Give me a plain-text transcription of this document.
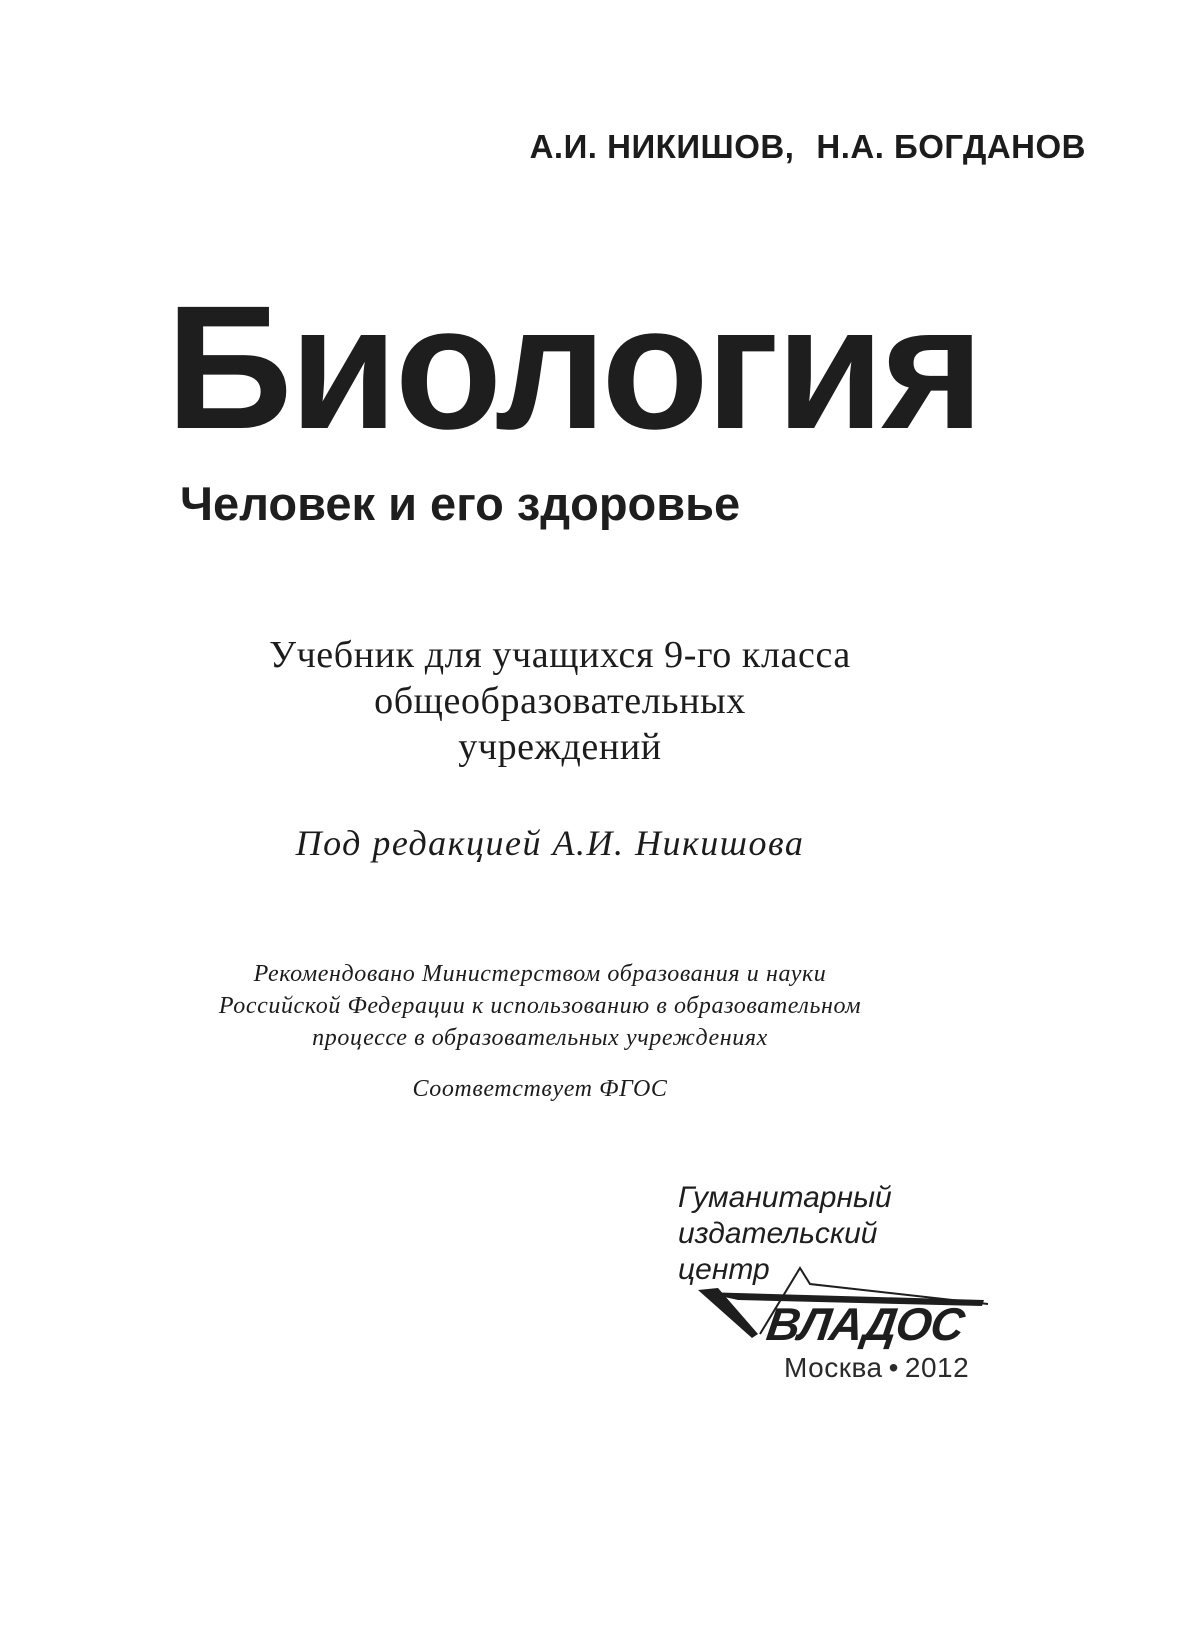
А.И. НИКИШОВ, Н.А. БОГДАНОВ
Биология
Человек и его здоровье
Учебник для учащихся 9-го класса
общеобразовательных
учреждений
Под редакцией А.И. Никишова
Рекомендовано Министерством образования и науки
Российской Федерации к использованию в образовательном
процессе в образовательных учреждениях
Соответствует ФГОС
Гуманитарный
издательский
центр
ВЛАДОС
Москва • 2012
